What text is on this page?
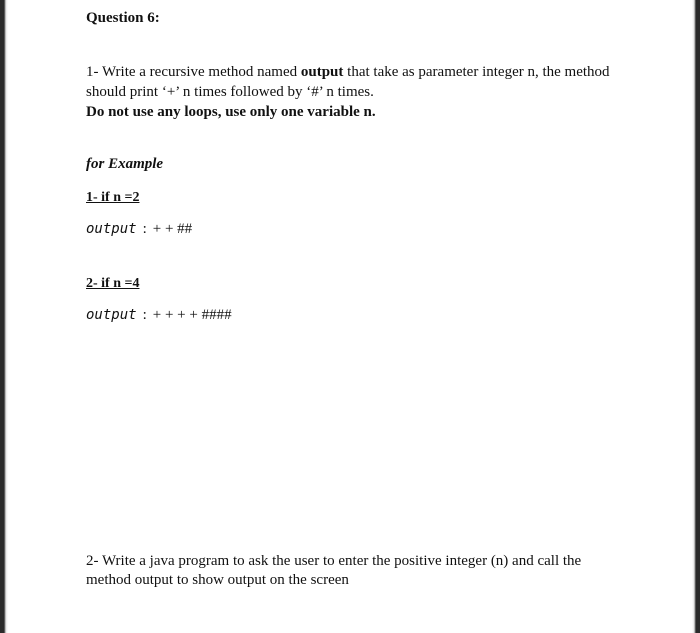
Question 6:
1- Write a recursive method named output that take as parameter integer n, the method should print ‘+’ n times followed by ‘#’ n times.
Do not use any loops, use only one variable n.
for Example
1- if n =2
output : + + ##
2- if n =4
output : + + + + ####
2- Write a java program to ask the user to enter the positive integer (n) and call the method output to show output on the screen
